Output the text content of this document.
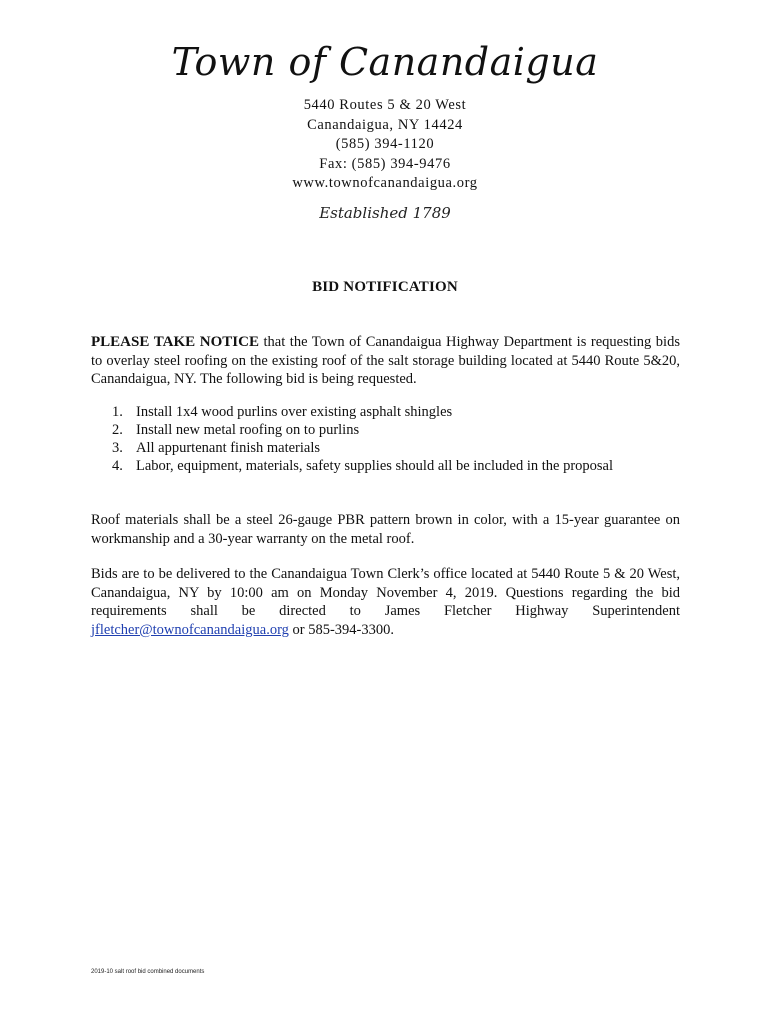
Town of Canandaigua
5440 Routes 5 & 20 West
Canandaigua, NY 14424
(585) 394-1120
Fax: (585) 394-9476
www.townofcanandaigua.org
Established 1789
BID NOTIFICATION
PLEASE TAKE NOTICE that the Town of Canandaigua Highway Department is requesting bids to overlay steel roofing on the existing roof of the salt storage building located at 5440 Route 5&20, Canandaigua, NY. The following bid is being requested.
1. Install 1x4 wood purlins over existing asphalt shingles
2. Install new metal roofing on to purlins
3. All appurtenant finish materials
4. Labor, equipment, materials, safety supplies should all be included in the proposal
Roof materials shall be a steel 26-gauge PBR pattern brown in color, with a 15-year guarantee on workmanship and a 30-year warranty on the metal roof.
Bids are to be delivered to the Canandaigua Town Clerk’s office located at 5440 Route 5 & 20 West, Canandaigua, NY by 10:00 am on Monday November 4, 2019. Questions regarding the bid requirements shall be directed to James Fletcher Highway Superintendent jfletcher@townofcanandaigua.org or 585-394-3300.
2019-10 salt roof bid combined documents
